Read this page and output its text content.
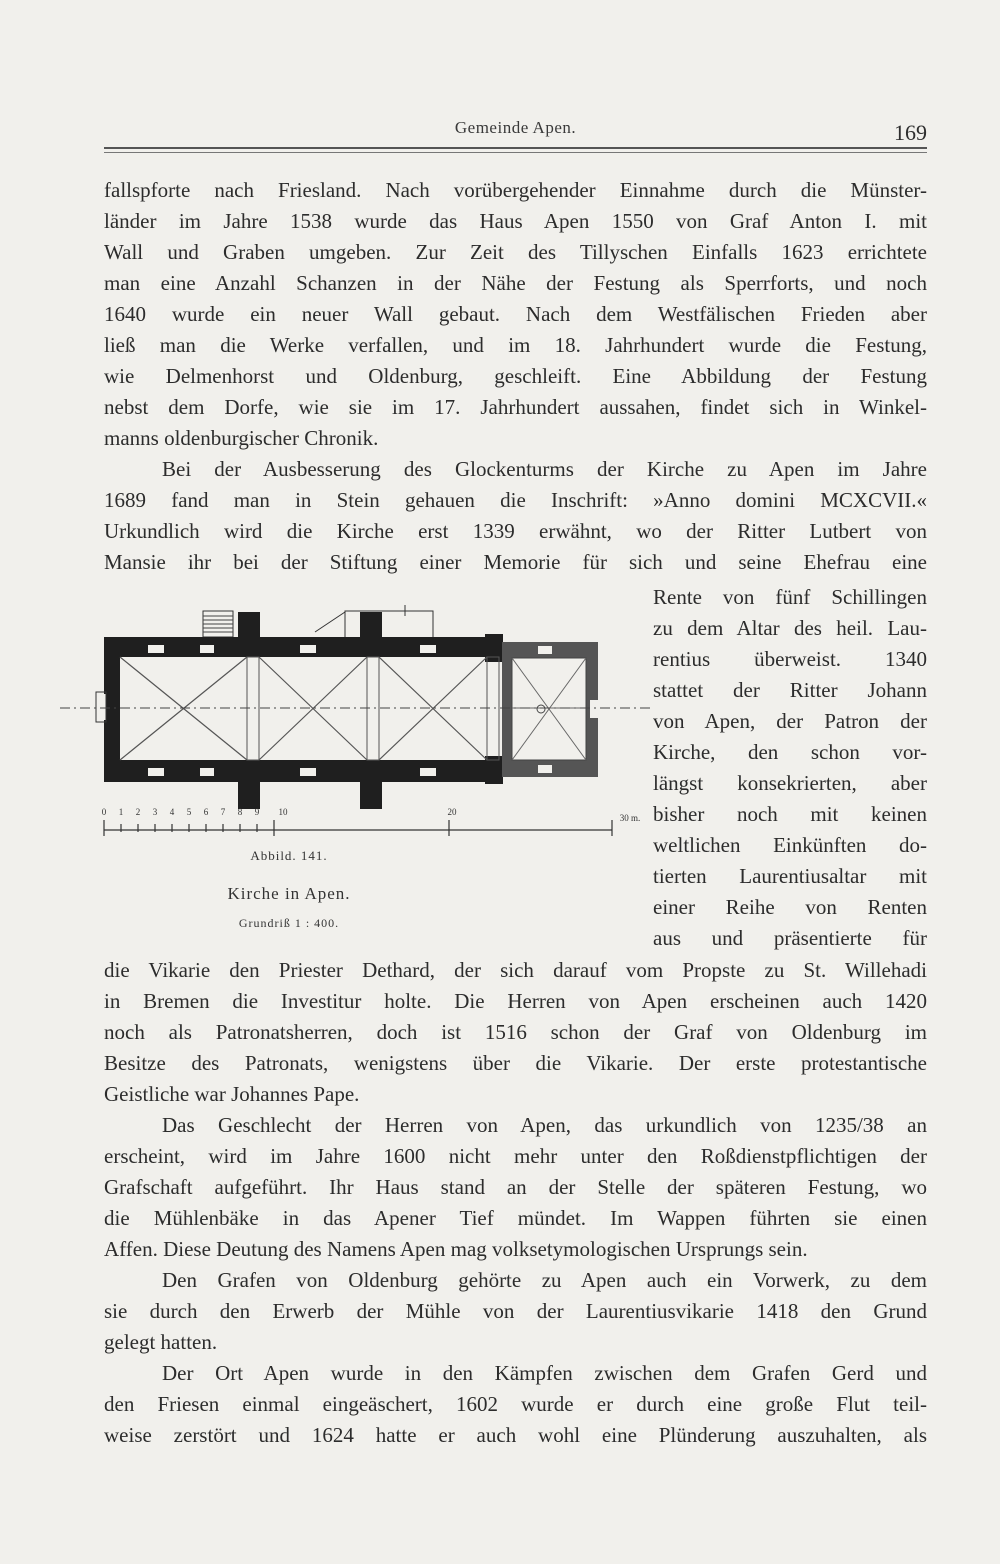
Gemeinde Apen.	169
fallspforte nach Friesland. Nach vorübergehender Einnahme durch die Münster-
länder im Jahre 1538 wurde das Haus Apen 1550 von Graf Anton I. mit
Wall und Graben umgeben. Zur Zeit des Tillyschen Einfalls 1623 errichtete
man eine Anzahl Schanzen in der Nähe der Festung als Sperrforts, und noch
1640 wurde ein neuer Wall gebaut. Nach dem Westfälischen Frieden aber
ließ man die Werke verfallen, und im 18. Jahrhundert wurde die Festung,
wie Delmenhorst und Oldenburg, geschleift. Eine Abbildung der Festung
nebst dem Dorfe, wie sie im 17. Jahrhundert aussahen, findet sich in Winkel-
manns oldenburgischer Chronik.
Bei der Ausbesserung des Glockenturms der Kirche zu Apen im Jahre
1689 fand man in Stein gehauen die Inschrift: »Anno domini MCXCVII.«
Urkundlich wird die Kirche erst 1339 erwähnt, wo der Ritter Lutbert von
Mansie ihr bei der Stiftung einer Memorie für sich und seine Ehefrau eine
Rente von fünf Schillingen
zu dem Altar des heil. Lau-
rentius überweist. 1340
stattet der Ritter Johann
von Apen, der Patron der
Kirche, den schon vor-
längst konsekrierten, aber
bisher noch mit keinen
weltlichen Einkünften do-
tierten Laurentiusaltar mit
einer Reihe von Renten
aus und präsentierte für
0 1 2 3 4 5 6 7 8 9 10	20
30 m.
Abbild. 141.
Kirche in Apen.
Grundriß 1 : 400.
die Vikarie den Priester Dethard, der sich darauf vom Propste zu St. Willehadi
in Bremen die Investitur holte. Die Herren von Apen erscheinen auch 1420
noch als Patronatsherren, doch ist 1516 schon der Graf von Oldenburg im
Besitze des Patronats, wenigstens über die Vikarie. Der erste protestantische
Geistliche war Johannes Pape.
Das Geschlecht der Herren von Apen, das urkundlich von 1235/38 an
erscheint, wird im Jahre 1600 nicht mehr unter den Roßdienstpflichtigen der
Grafschaft aufgeführt. Ihr Haus stand an der Stelle der späteren Festung, wo
die Mühlenbäke in das Apener Tief mündet. Im Wappen führten sie einen
Affen. Diese Deutung des Namens Apen mag volksetymologischen Ursprungs sein.
Den Grafen von Oldenburg gehörte zu Apen auch ein Vorwerk, zu dem
sie durch den Erwerb der Mühle von der Laurentiusvikarie 1418 den Grund
gelegt hatten.
Der Ort Apen wurde in den Kämpfen zwischen dem Grafen Gerd und
den Friesen einmal eingeäschert, 1602 wurde er durch eine große Flut teil-
weise zerstört und 1624 hatte er auch wohl eine Plünderung auszuhalten, als
